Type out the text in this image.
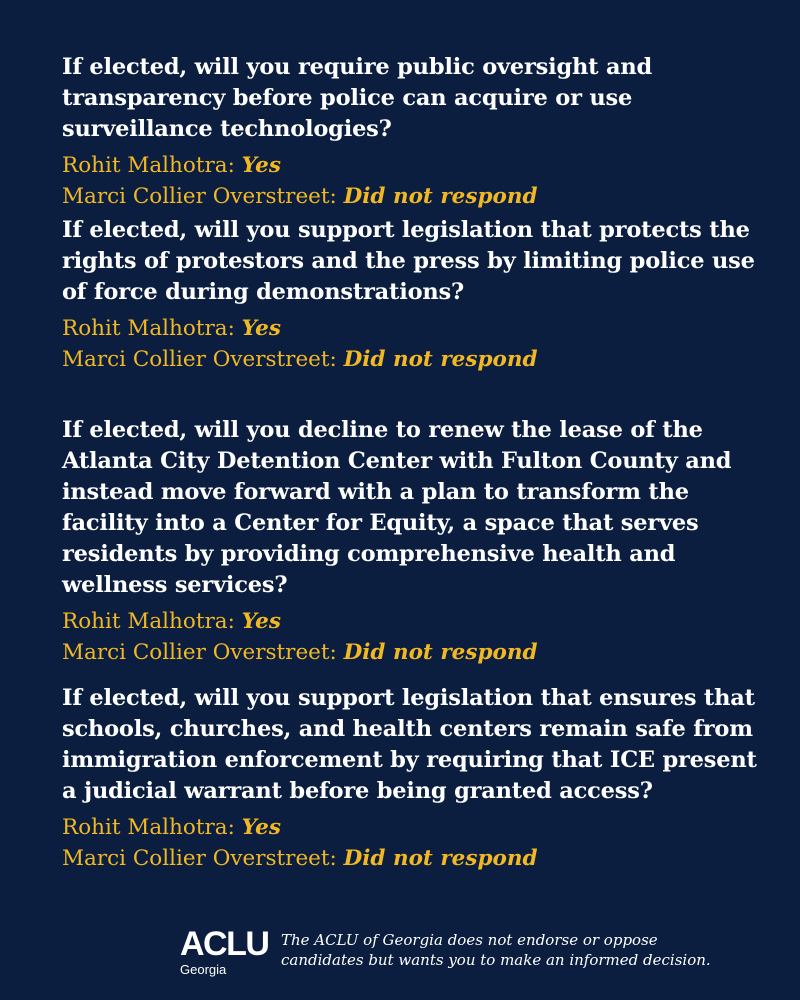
If elected, will you require public oversight and transparency before police can acquire or use surveillance technologies?

Rohit Malhotra: Yes

Marci Collier Overstreet: Did not respond

If elected, will you support legislation that protects the rights of protestors and the press by limiting police use of force during demonstrations?

Rohit Malhotra: Yes

Marci Collier Overstreet: Did not respond

If elected, will you decline to renew the lease of the Atlanta City Detention Center with Fulton County and instead move forward with a plan to transform the facility into a Center for Equity, a space that serves residents by providing comprehensive health and wellness services?

Rohit Malhotra: Yes

Marci Collier Overstreet: Did not respond

If elected, will you support legislation that ensures that schools, churches, and health centers remain safe from immigration enforcement by requiring that ICE present a judicial warrant before being granted access?

Rohit Malhotra: Yes

Marci Collier Overstreet: Did not respond

ACLU
Georgia

The ACLU of Georgia does not endorse or oppose candidates but wants you to make an informed decision.
